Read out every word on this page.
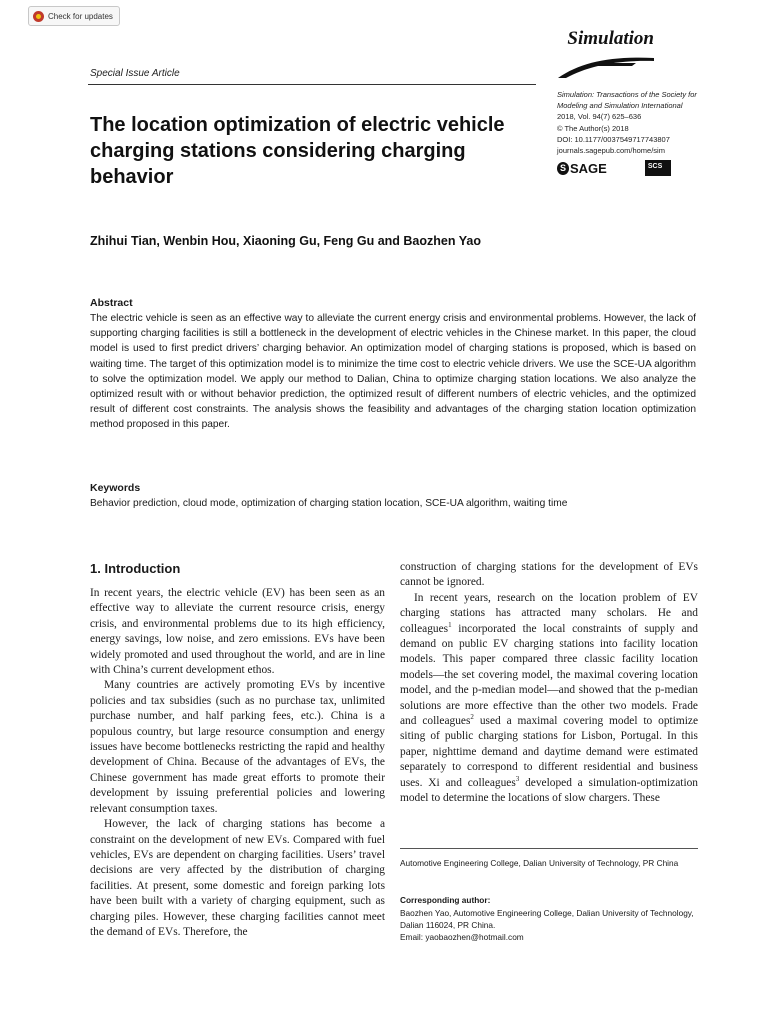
Check for updates
Simulation
Special Issue Article
Simulation: Transactions of the Society for Modeling and Simulation International
2018, Vol. 94(7) 625–636
© The Author(s) 2018
DOI: 10.1177/0037549717743807
journals.sagepub.com/home/sim
S SAGE	SCS
The location optimization of electric vehicle charging stations considering charging behavior
Zhihui Tian, Wenbin Hou, Xiaoning Gu, Feng Gu and Baozhen Yao
Abstract
The electric vehicle is seen as an effective way to alleviate the current energy crisis and environmental problems. However, the lack of supporting charging facilities is still a bottleneck in the development of electric vehicles in the Chinese market. In this paper, the cloud model is used to first predict drivers’ charging behavior. An optimization model of charging stations is proposed, which is based on waiting time. The target of this optimization model is to minimize the time cost to electric vehicle drivers. We use the SCE-UA algorithm to solve the optimization model. We apply our method to Dalian, China to optimize charging station locations. We also analyze the optimized result with or without behavior prediction, the optimized result of different numbers of electric vehicles, and the optimized result of different cost constraints. The analysis shows the feasibility and advantages of the charging station location optimization method proposed in this paper.
Keywords
Behavior prediction, cloud mode, optimization of charging station location, SCE-UA algorithm, waiting time
1. Introduction

In recent years, the electric vehicle (EV) has been seen as an effective way to alleviate the current resource crisis, energy crisis, and environmental problems due to its high efficiency, energy savings, low noise, and zero emissions. EVs have been widely promoted and used throughout the world, and are in line with China’s current development ethos.

Many countries are actively promoting EVs by incentive policies and tax subsidies (such as no purchase tax, unlimited purchase number, and half parking fees, etc.). China is a populous country, but large resource consumption and energy issues have become bottlenecks restricting the rapid and healthy development of China. Because of the advantages of EVs, the Chinese government has made great efforts to promote their development by issuing preferential policies and lowering relevant consumption taxes.

However, the lack of charging stations has become a constraint on the development of new EVs. Compared with fuel vehicles, EVs are dependent on charging facilities. Users’ travel decisions are very affected by the distribution of charging facilities. At present, some domestic and foreign parking lots have been built with a variety of charging equipment, such as charging piles. However, these charging facilities cannot meet the demand of EVs. Therefore, the

construction of charging stations for the development of EVs cannot be ignored.

In recent years, research on the location problem of EV charging stations has attracted many scholars. He and colleagues$^1$ incorporated the local constraints of supply and demand on public EV charging stations into facility location models. This paper compared three classic facility location models—the set covering model, the maximal covering location model, and the p-median model—and showed that the p-median solutions are more effective than the other two models. Frade and colleagues$^2$ used a maximal covering model to optimize siting of public charging stations for Lisbon, Portugal. In this paper, nighttime demand and daytime demand were estimated separately to correspond to different residential and business uses. Xi and colleagues$^3$ developed a simulation-optimization model to determine the locations of slow chargers. These

Automotive Engineering College, Dalian University of Technology, PR China
Corresponding author:
Baozhen Yao, Automotive Engineering College, Dalian University of Technology, Dalian 116024, PR China.
Email: yaobaozhen@hotmail.com
